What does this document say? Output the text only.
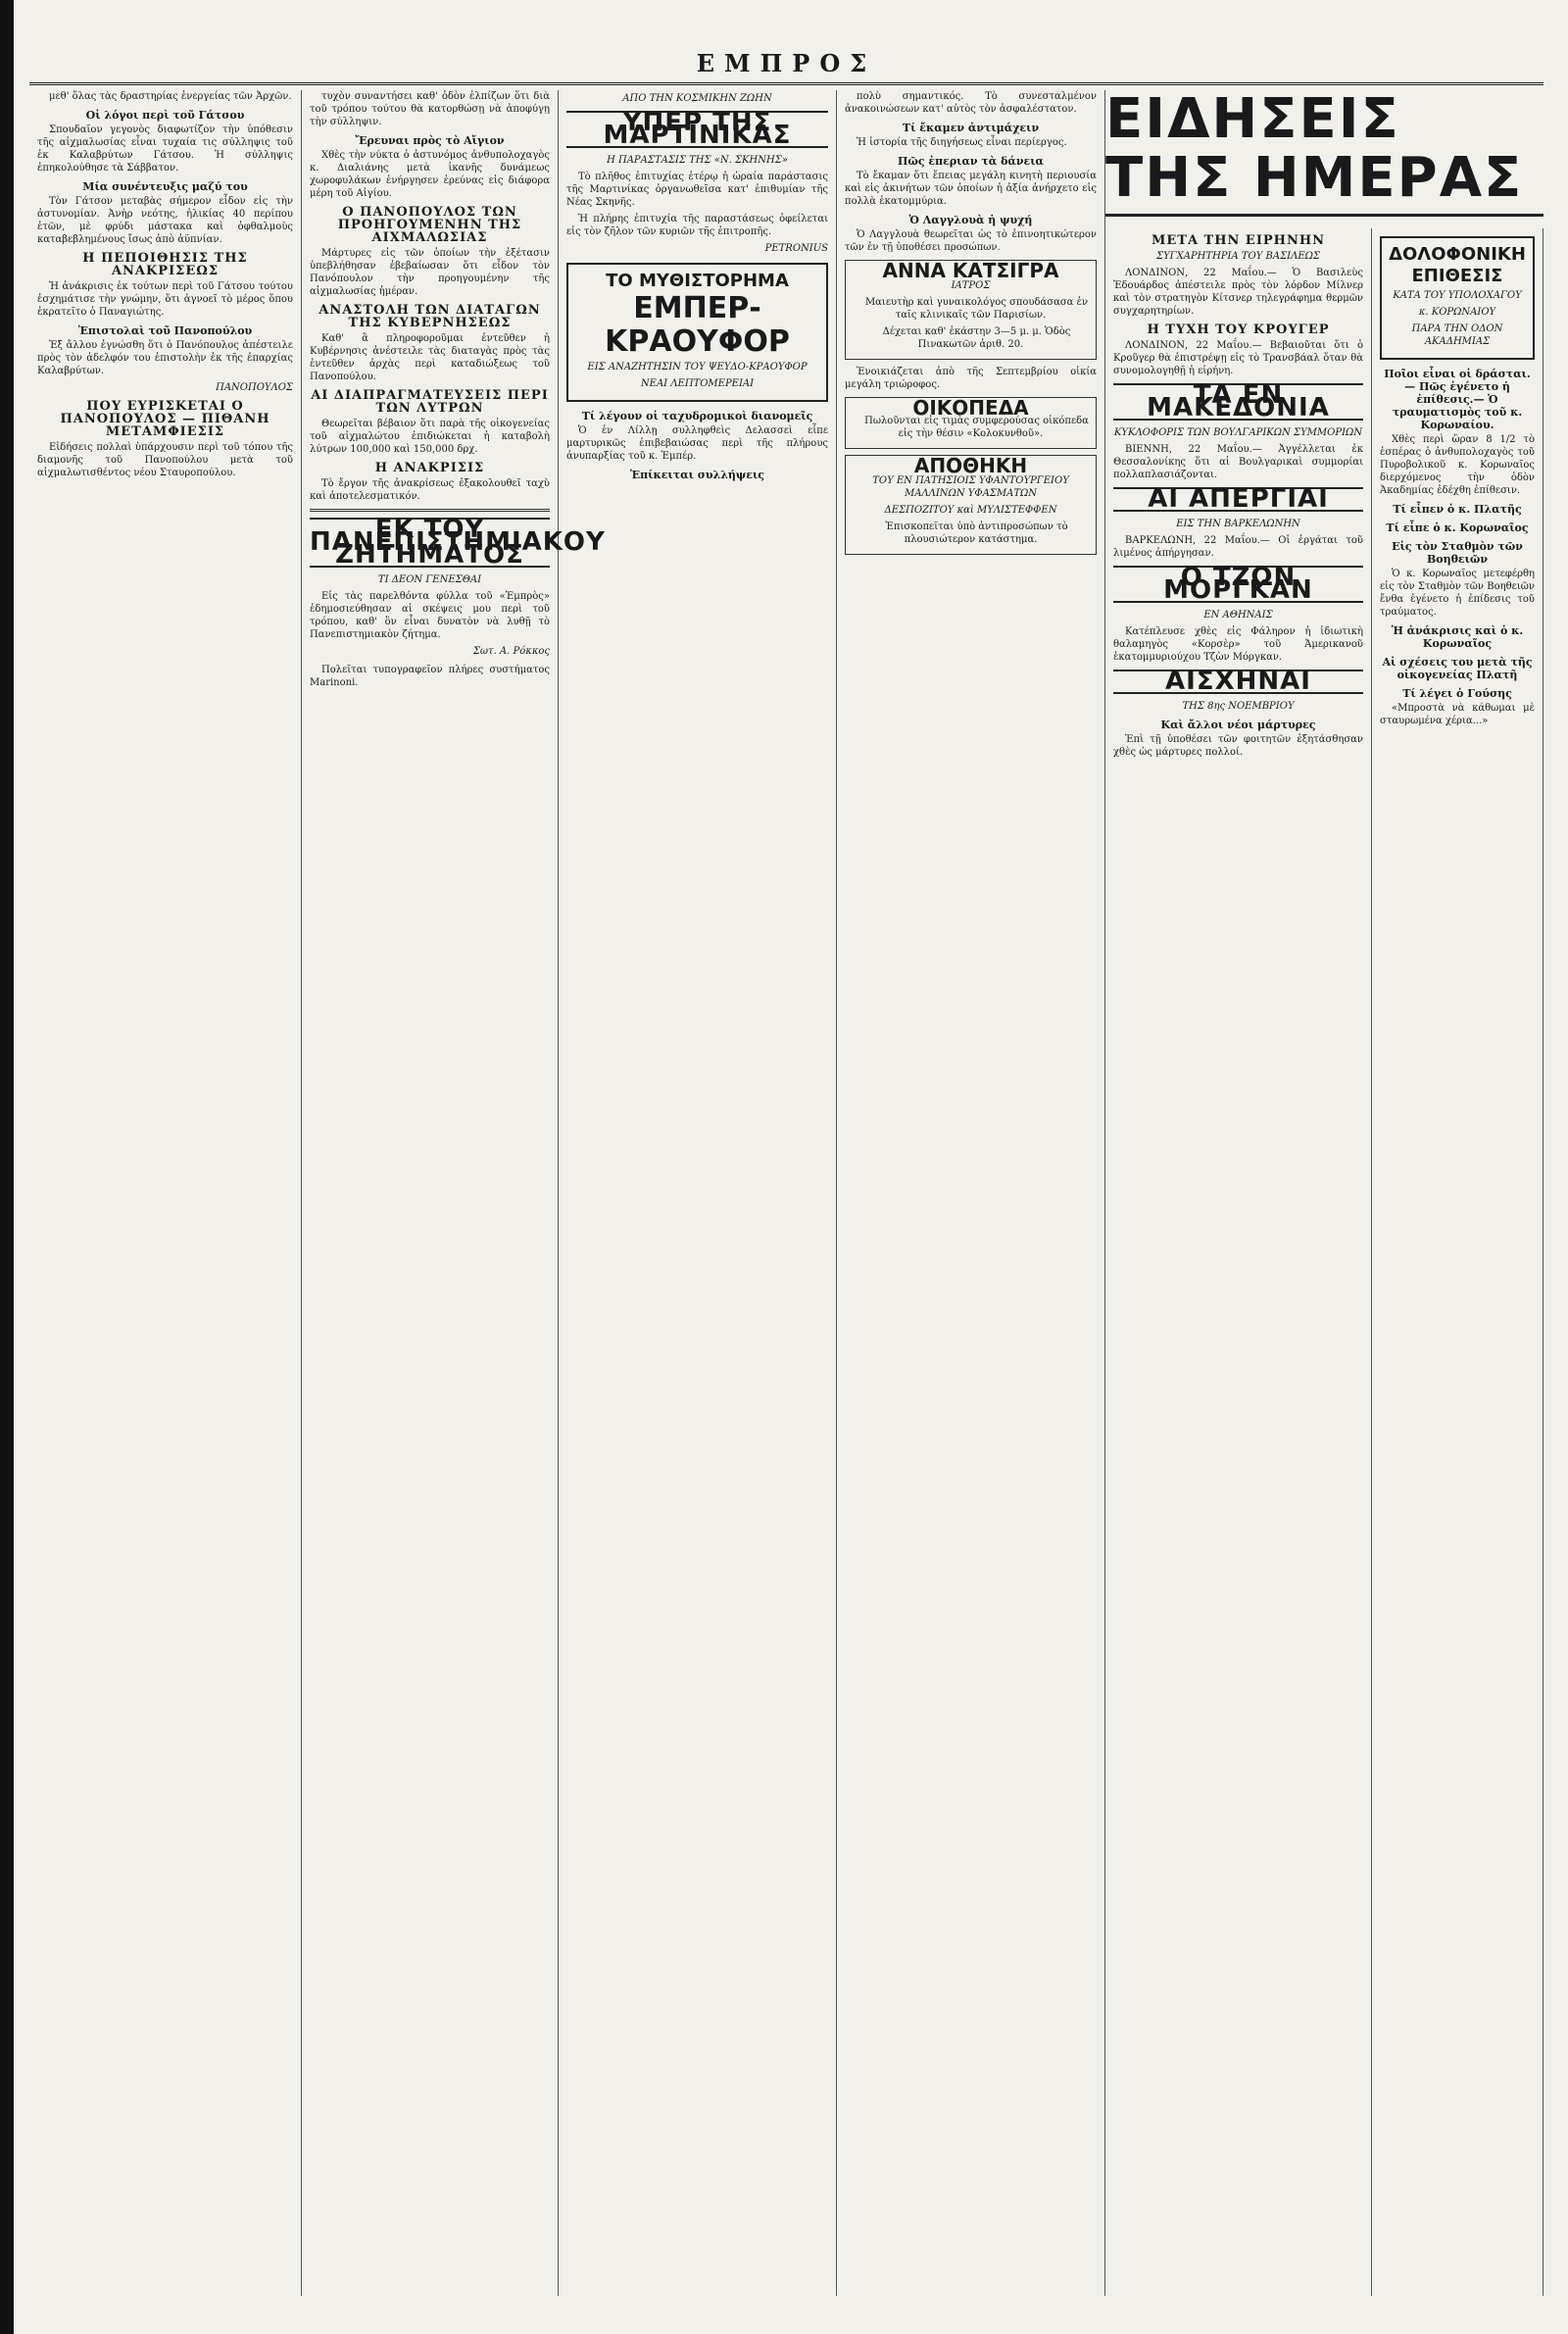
ΕΜΠΡΟΣ

μεθ' ὅλας τὰς δραστηρίας ἐνεργείας τῶν Ἀρχῶν.

Οἱ λόγοι περὶ τοῦ Γάτσου

Σπουδαῖον γεγονὸς διαφωτίζον τὴν ὑπόθεσιν τῆς αἰχμαλωσίας εἶναι τυχαία τις σύλληψις τοῦ ἐκ Καλαβρύτων Γάτσου. Ἡ σύλληψις ἐπηκολούθησε τὰ Σάββατον.

Μία συνέντευξις μαζύ του

Τὸν Γάτσον μεταβὰς σήμερον εἶδον εἰς τὴν ἀστυνομίαν. Ἀνὴρ νεότης, ἡλικίας 40 περίπου ἐτῶν, μὲ φρύδι μάστακα καὶ ὀφθαλμοὺς καταβεβλημένους ἴσως ἀπὸ ἀϋπνίαν.

Η ΠΕΠΟΙΘΗΣΙΣ ΤΗΣ ΑΝΑΚΡΙΣΕΩΣ

Ἡ ἀνάκρισις ἐκ τούτων περὶ τοῦ Γάτσου τούτου ἐσχημάτισε τὴν γνώμην, ὅτι ἀγνοεῖ τὸ μέρος ὅπου ἐκρατεῖτο ὁ Παναγιώτης.

Ἐπιστολαὶ τοῦ Πανοπούλου

Ἐξ ἄλλου ἐγνώσθη ὅτι ὁ Πανόπουλος ἀπέστειλε πρὸς τὸν ἀδελφόν του ἐπιστολὴν ἐκ τῆς ἐπαρχίας Καλαβρύτων.

ΠΑΝΟΠΟΥΛΟΣ
ΠΟΥ ΕΥΡΙΣΚΕΤΑΙ Ο ΠΑΝΟΠΟΥΛΟΣ — ΠΙΘΑΝΗ ΜΕΤΑΜΦΙΕΣΙΣ

Εἰδήσεις πολλαὶ ὑπάρχουσιν περὶ τοῦ τόπου τῆς διαμονῆς τοῦ Πανοπούλου μετὰ τοῦ αἰχμαλωτισθέντος νέου Σταυροπούλου.

τυχὸν συναντήσει καθ' ὁδὸν ἐλπίζων ὅτι διὰ τοῦ τρόπου τούτου θὰ κατορθώσῃ νὰ ἀποφύγῃ τὴν σύλληψιν.

Ἔρευναι πρὸς τὸ Αἴγιον

Χθὲς τὴν νύκτα ὁ ἀστυνόμος ἀνθυπολοχαγὸς κ. Διαλιάνης μετὰ ἰκανῆς δυνάμεως χωροφυλάκων ἐνήργησεν ἐρεύνας εἰς διάφορα μέρη τοῦ Αἰγίου.

Ο ΠΑΝΟΠΟΥΛΟΣ ΤΩΝ ΠΡΟΗΓΟΥΜΕΝΗΝ ΤΗΣ ΑΙΧΜΑΛΩΣΙΑΣ

Μάρτυρες εἰς τῶν ὁποίων τὴν ἐξέτασιν ὑπεβλήθησαν ἐβεβαίωσαν ὅτι εἶδον τὸν Πανόπουλον τὴν προηγουμένην τῆς αἰχμαλωσίας ἡμέραν.

ΑΝΑΣΤΟΛΗ ΤΩΝ ΔΙΑΤΑΓΩΝ ΤΗΣ ΚΥΒΕΡΝΗΣΕΩΣ

Καθ' ἃ πληροφοροῦμαι ἐντεῦθεν ἡ Κυβέρνησις ἀνέστειλε τὰς διαταγὰς πρὸς τὰς ἐντεῦθεν ἀρχὰς περὶ καταδιώξεως τοῦ Πανοπούλου.

ΑΙ ΔΙΑΠΡΑΓΜΑΤΕΥΣΕΙΣ ΠΕΡΙ ΤΩΝ ΛΥΤΡΩΝ

Θεωρεῖται βέβαιον ὅτι παρὰ τῆς οἰκογενείας τοῦ αἰχμαλώτου ἐπιδιώκεται ἡ καταβολὴ λύτρων 100,000 καὶ 150,000 δρχ.

Η ΑΝΑΚΡΙΣΙΣ

Τὸ ἔργον τῆς ἀνακρίσεως ἐξακολουθεῖ ταχὺ καὶ ἀποτελεσματικόν.

ΕΚ ΤΟΥ ΠΑΝΕΠΙΣΤΗΜΙΑΚΟΥ ΖΗΤΗΜΑΤΟΣ
ΤΙ ΔΕΟΝ ΓΕΝΕΣΘΑΙ

Εἰς τὰς παρελθόντα φύλλα τοῦ «Ἐμπρὸς» ἐδημοσιεύθησαν αἱ σκέψεις μου περὶ τοῦ τρόπου, καθ' ὃν εἶναι δυνατὸν νὰ λυθῇ τὸ Πανεπιστημιακὸν ζήτημα.

Σωτ. Α. Ρόκκος

Πολεῖται τυπογραφεῖον πλήρες συστήματος Marinoni.

ΑΠΟ ΤΗΝ ΚΟΣΜΙΚΗΝ ΖΩΗΝ
ΥΠΕΡ ΤΗΣ ΜΑΡΤΙΝΙΚΑΣ
Η ΠΑΡΑΣΤΑΣΙΣ ΤΗΣ «Ν. ΣΚΗΝΗΣ»

Τὸ πλῆθος ἐπιτυχίας ἑτέρῳ ἡ ὡραία παράστασις τῆς Μαρτινίκας ὀργανωθεῖσα κατ' ἐπιθυμίαν τῆς Νέας Σκηνῆς.

Ἡ πλήρης ἐπιτυχία τῆς παραστάσεως ὀφείλεται εἰς τὸν ζῆλον τῶν κυριῶν τῆς ἐπιτροπῆς.

PETRONIUS
ΤΟ ΜΥΘΙΣΤΟΡΗΜΑ
ΕΜΠΕΡ-ΚΡΑΟΥΦΟΡ
ΕΙΣ ΑΝΑΖΗΤΗΣΙΝ ΤΟΥ ΨΕΥΔΟ-ΚΡΑΟΥΦΟΡ
ΝΕΑΙ ΛΕΠΤΟΜΕΡΕΙΑΙ
Τί λέγουν οἱ ταχυδρομικοὶ διανομεῖς

Ὁ ἐν Λίλλῃ συλληφθεὶς Δελασσεὶ εἶπε μαρτυρικῶς ἐπιβεβαιώσας περὶ τῆς πλήρους ἀνυπαρξίας τοῦ κ. Ἐμπέρ.

Ἐπίκειται συλλήψεις

πολὺ σημαντικός. Τὸ συνεσταλμένον ἀνακοινώσεων κατ' αὐτὸς τὸν ἀσφαλέστατον.

Τί ἔκαμεν ἀντιμάχειν

Ἡ ἱστορία τῆς διηγήσεως εἶναι περίεργος.

Πῶς ἐπεριαν τὰ δάνεια

Τὸ ἔκαμαν ὅτι ἔπειας μεγάλη κινητὴ περιουσία καὶ εἰς ἀκινήτων τῶν ὁποίων ἡ ἀξία ἀνήρχετο εἰς πολλὰ ἑκατομμύρια.

Ὁ Λαγγλουὰ ἡ ψυχή

Ὁ Λαγγλουὰ θεωρεῖται ὡς τὸ ἐπινοητικώτερον τῶν ἐν τῇ ὑποθέσει προσώπων.

ΑΝΝΑ ΚΑΤΣΙΓΡΑ
ΙΑΤΡΟΣ

Μαιευτὴρ καὶ γυναικολόγος σπουδάσασα ἐν ταῖς κλινικαῖς τῶν Παρισίων.

Δέχεται καθ' ἑκάστην 3—5 μ. μ. Ὁδὸς Πινακωτῶν ἀριθ. 20.

Ἐνοικιάζεται ἀπὸ τῆς Σεπτεμβρίου οἰκία μεγάλη τριώροφος.

ΟΙΚΟΠΕΔΑ

Πωλοῦνται εἰς τιμὰς συμφερούσας οἰκόπεδα εἰς τὴν θέσιν «Κολοκυνθοῦ».

ΑΠΟΘΗΚΗ
ΤΟΥ ΕΝ ΠΑΤΗΣΙΟΙΣ ΥΦΑΝΤΟΥΡΓΕΙΟΥ ΜΑΛΛΙΝΩΝ ΥΦΑΣΜΑΤΩΝ
ΔΕΣΠΟΖΙΤΟΥ καὶ ΜΥΛΙΣΤΕΦΦΕΝ

Ἐπισκοπεῖται ὑπὸ ἀντιπροσώπων τὸ πλουσιώτερον κατάστημα.

ΜΕΤΑ ΤΗΝ ΕΙΡΗΝΗΝ
ΣΥΓΧΑΡΗΤΗΡΙΑ ΤΟΥ ΒΑΣΙΛΕΩΣ

ΛΟΝΔΙΝΟΝ, 22 Μαΐου.— Ὁ Βασιλεὺς Ἐδουάρδος ἀπέστειλε πρὸς τὸν λόρδον Μίλνερ καὶ τὸν στρατηγὸν Κίτσνερ τηλεγράφημα θερμῶν συγχαρητηρίων.

Η ΤΥΧΗ ΤΟΥ ΚΡΟΥΓΕΡ

ΛΟΝΔΙΝΟΝ, 22 Μαΐου.— Βεβαιοῦται ὅτι ὁ Κροῦγερ θὰ ἐπιστρέψῃ εἰς τὸ Τρανσβάαλ ὅταν θὰ συνομολογηθῇ ἡ εἰρήνη.

ΤΑ ΕΝ ΜΑΚΕΔΟΝΙΑ
ΚΥΚΛΟΦΟΡΙΣ ΤΩΝ ΒΟΥΛΓΑΡΙΚΩΝ ΣΥΜΜΟΡΙΩΝ

ΒΙΕΝΝΗ, 22 Μαΐου.— Ἀγγέλλεται ἐκ Θεσσαλονίκης ὅτι αἱ Βουλγαρικαὶ συμμορίαι πολλαπλασιάζονται.

ΑΙ ΑΠΕΡΓΙΑΙ
ΕΙΣ ΤΗΝ ΒΑΡΚΕΛΩΝΗΝ

ΒΑΡΚΕΛΩΝΗ, 22 Μαΐου.— Οἱ ἐργάται τοῦ λιμένος ἀπήργησαν.

Ο ΤΖΩΝ ΜΟΡΓΚΑΝ
ΕΝ ΑΘΗΝΑΙΣ

Κατέπλευσε χθὲς εἰς Φάληρον ἡ ἰδιωτικὴ θαλαμηγὸς «Κορσὲρ» τοῦ Ἀμερικανοῦ ἑκατομμυριούχου Τζὼν Μόργκαν.

ΑΙΣΧΗΝΑΙ
ΤΗΣ 8ης ΝΟΕΜΒΡΙΟΥ
Καὶ ἄλλοι νέοι μάρτυρες

Ἐπὶ τῇ ὑποθέσει τῶν φοιτητῶν ἐξητάσθησαν χθὲς ὡς μάρτυρες πολλοί.

ΔΟΛΟΦΟΝΙΚΗ
ΕΠΙΘΕΣΙΣ
ΚΑΤΑ ΤΟΥ ΥΠΟΛΟΧΑΓΟΥ
κ. ΚΟΡΩΝΑΙΟΥ
ΠΑΡΑ ΤΗΝ ΟΔΟΝ ΑΚΑΔΗΜΙΑΣ
Ποῖοι εἶναι οἱ δράσται.— Πῶς ἐγένετο ἡ ἐπίθεσις.— Ὁ τραυματισμὸς τοῦ κ. Κορωναίου.

Χθὲς περὶ ὥραν 8 1/2 τὸ ἑσπέρας ὁ ἀνθυπολοχαγὸς τοῦ Πυροβολικοῦ κ. Κορωναῖος διερχόμενος τὴν ὁδὸν Ἀκαδημίας ἐδέχθη ἐπίθεσιν.

Τί εἶπεν ὁ κ. Πλατῆς
Τί εἶπε ὁ κ. Κορωναῖος
Εἰς τὸν Σταθμὸν τῶν Βοηθειῶν

Ὁ κ. Κορωναῖος μετεφέρθη εἰς τὸν Σταθμὸν τῶν Βοηθειῶν ἔνθα ἐγένετο ἡ ἐπίδεσις τοῦ τραύματος.

Ἡ ἀνάκρισις καὶ ὁ κ. Κορωναῖος
Αἱ σχέσεις του μετὰ τῆς οἰκογενείας Πλατῆ
Τί λέγει ὁ Γούσης

«Μπροστὰ νὰ κάθωμαι μὲ σταυρωμένα χέρια...»

ΕΙΔΗΣΕΙΣ ΤΗΣ ΗΜΕΡΑΣ
